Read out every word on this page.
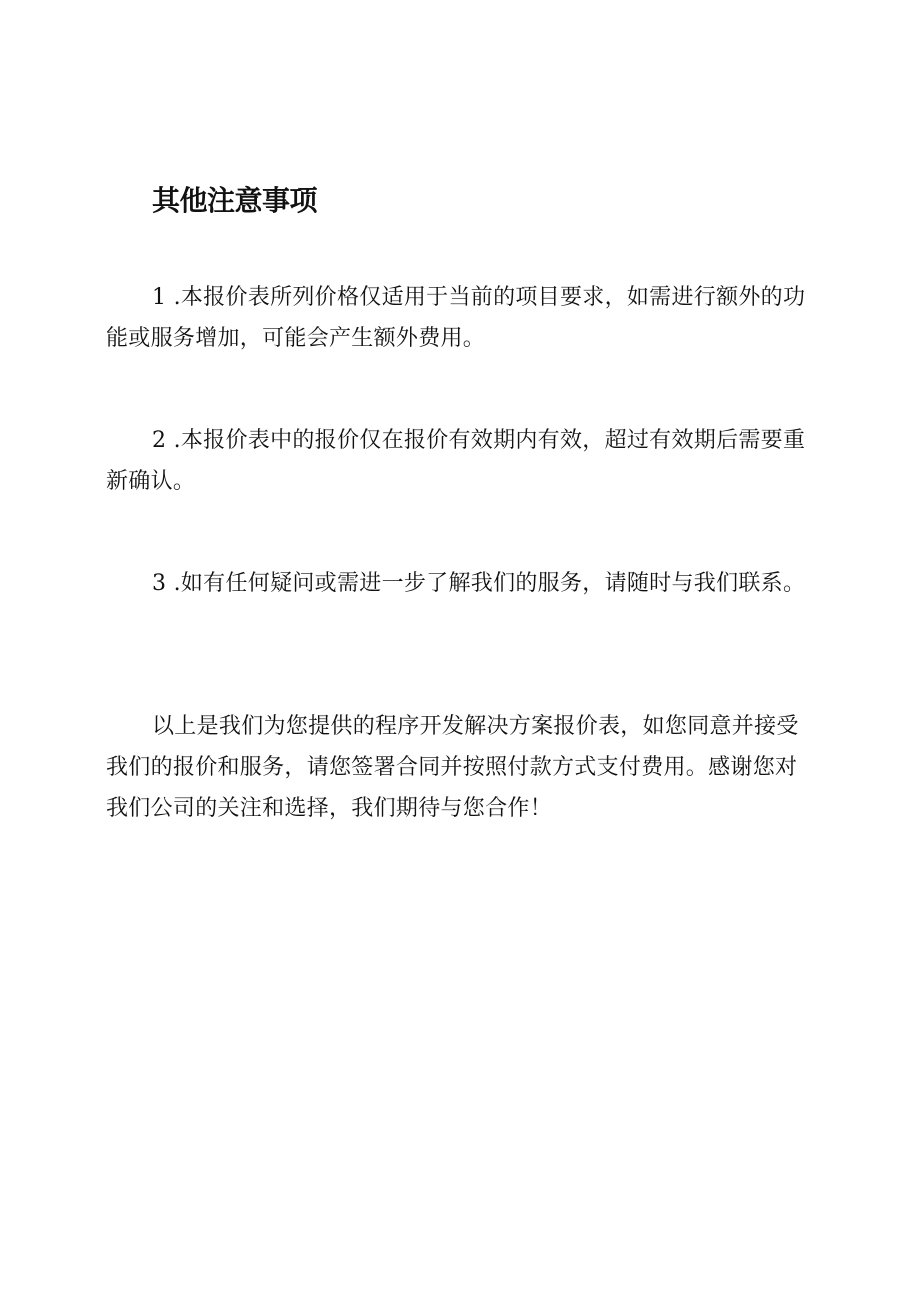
其他注意事项

1 .本报价表所列价格仅适用于当前的项目要求，如需进行额外的功能或服务增加，可能会产生额外费用。

2 .本报价表中的报价仅在报价有效期内有效，超过有效期后需要重新确认。

3 .如有任何疑问或需进一步了解我们的服务，请随时与我们联系。

以上是我们为您提供的程序开发解决方案报价表，如您同意并接受我们的报价和服务，请您签署合同并按照付款方式支付费用。感谢您对我们公司的关注和选择，我们期待与您合作！
